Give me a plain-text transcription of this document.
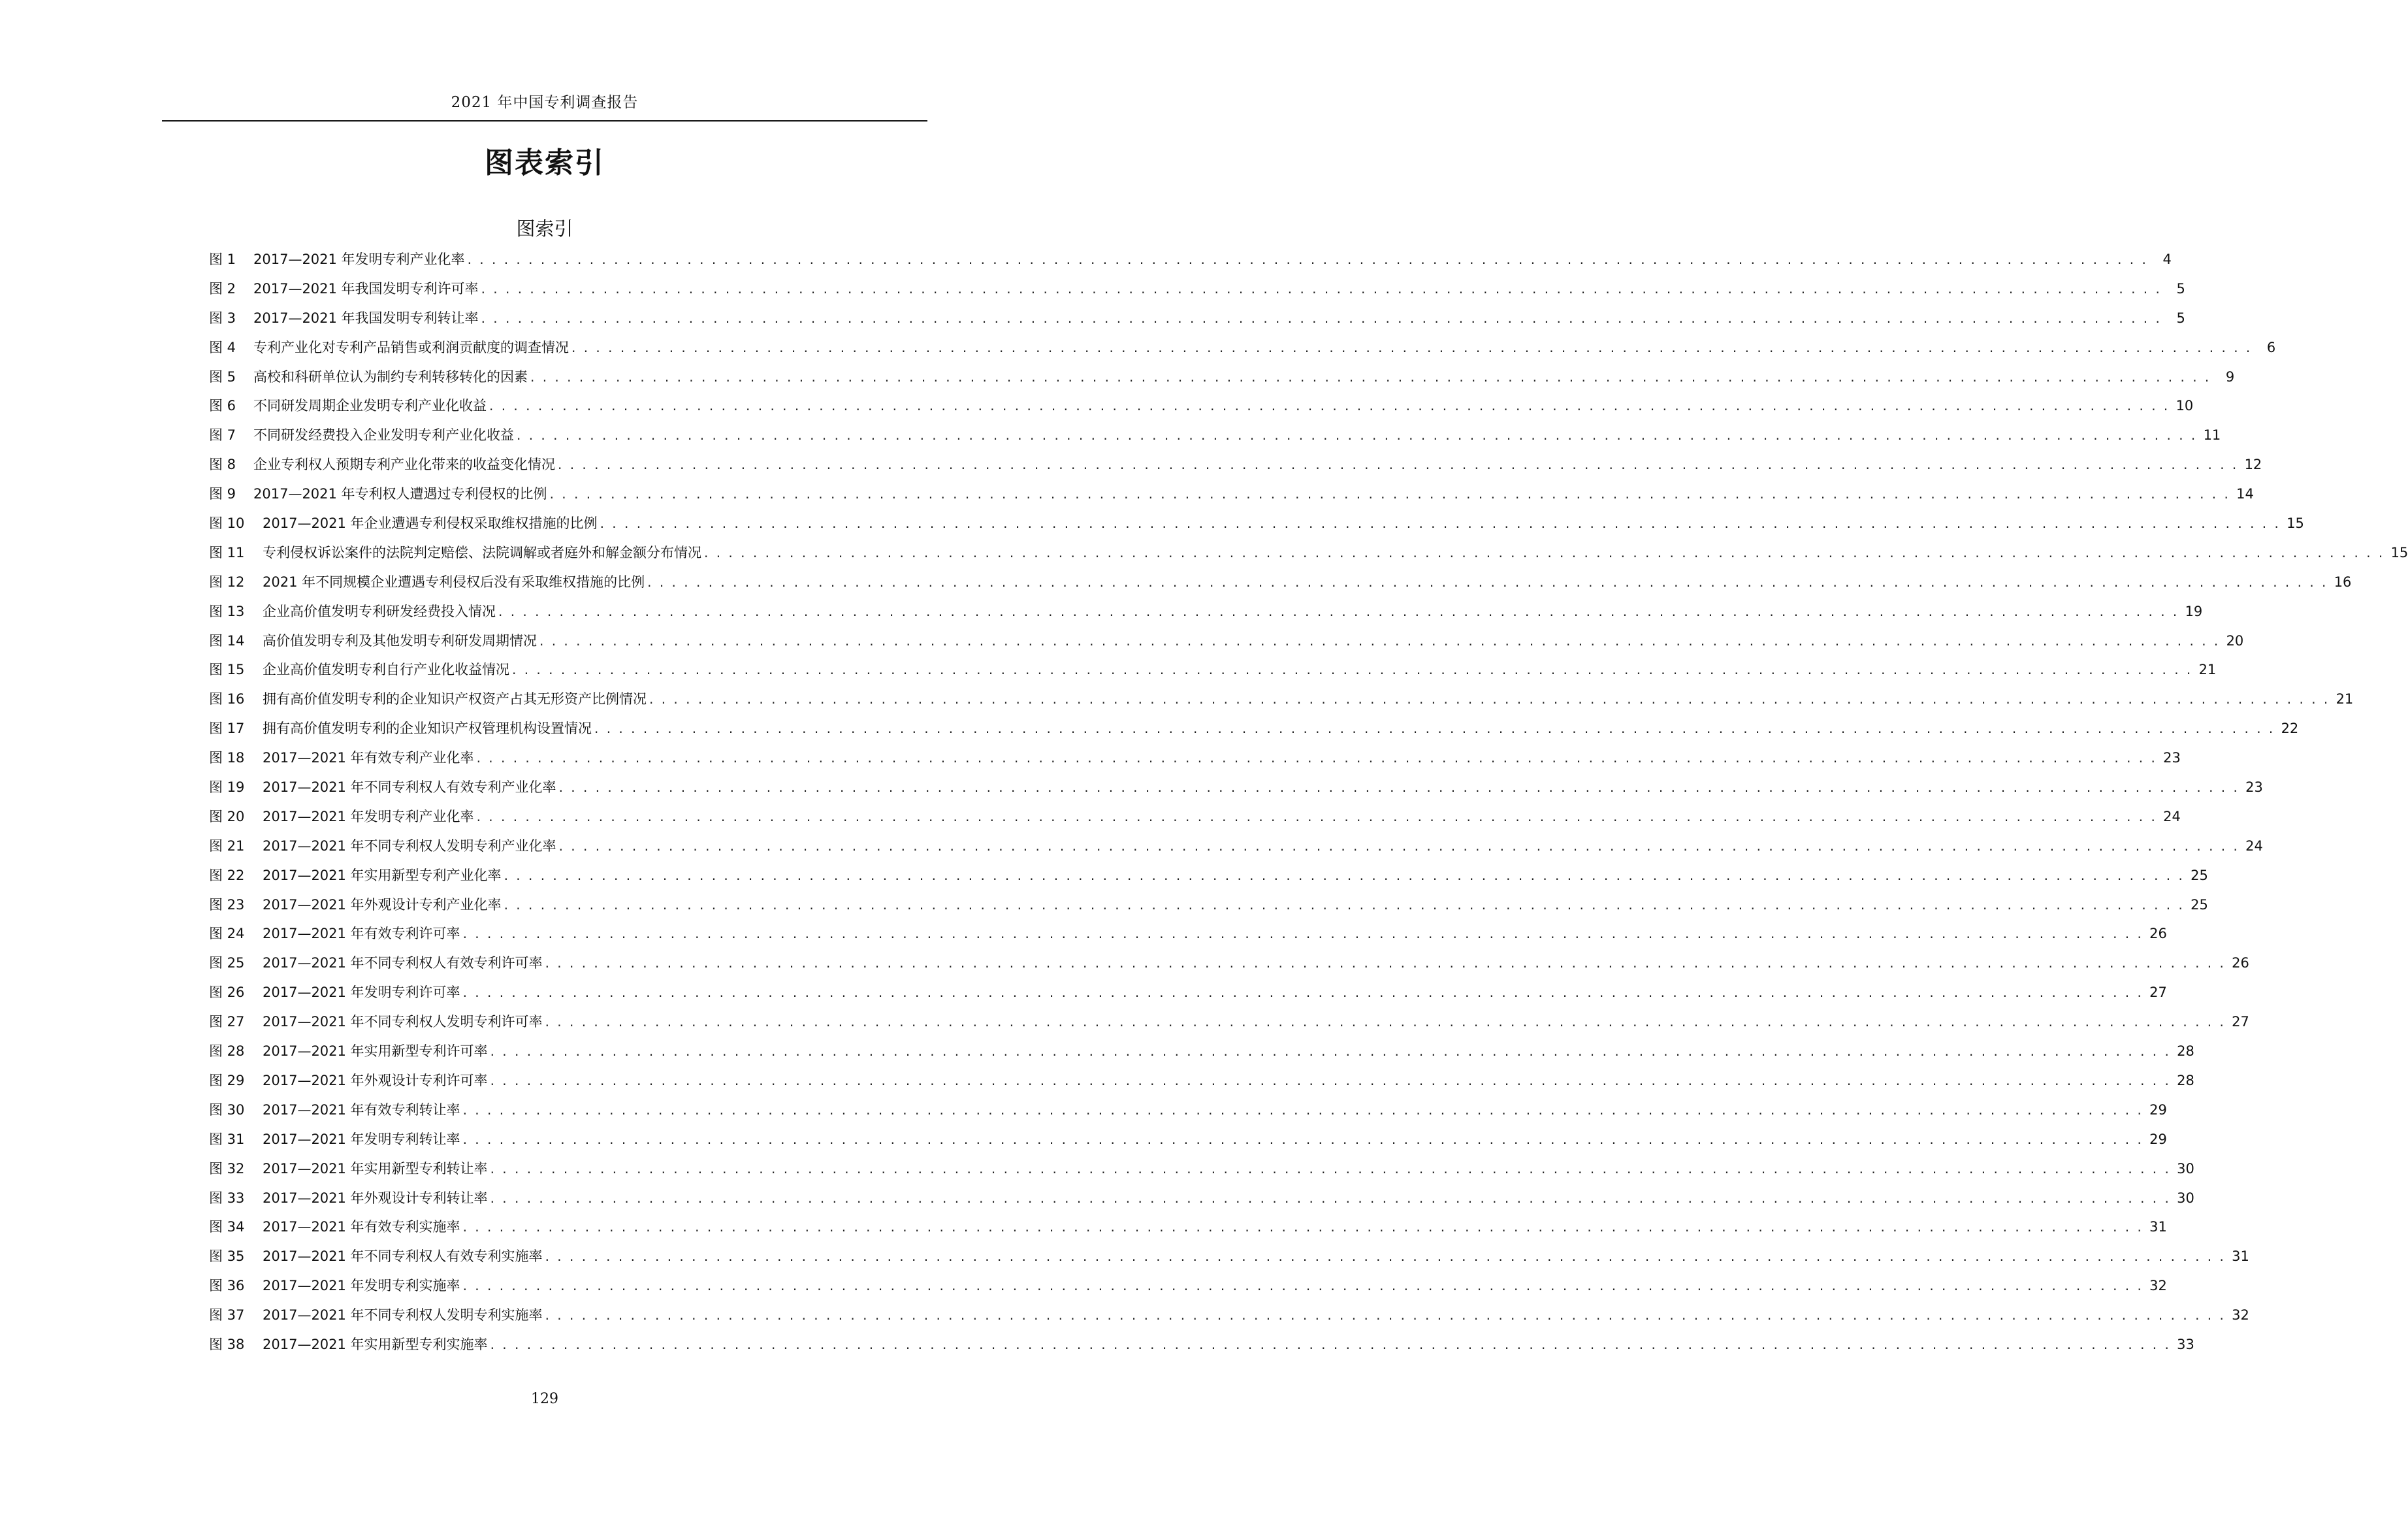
2021 年中国专利调查报告
图表索引
图索引
图 1	2017—2021 年发明专利产业化率 . . .	4
图 2	2017—2021 年我国发明专利许可率 . . .	5
图 3	2017—2021 年我国发明专利转让率 . . .	5
图 4	专利产业化对专利产品销售或利润贡献度的调查情况 . . .	6
图 5	高校和科研单位认为制约专利转移转化的因素 . . .	9
图 6	不同研发周期企业发明专利产业化收益 . . .	10
图 7	不同研发经费投入企业发明专利产业化收益 . . .	11
图 8	企业专利权人预期专利产业化带来的收益变化情况 . . .	12
图 9	2017—2021 年专利权人遭遇过专利侵权的比例 . . .	14
图 10	2017—2021 年企业遭遇专利侵权采取维权措施的比例 . . .	15
图 11	专利侵权诉讼案件的法院判定赔偿、法院调解或者庭外和解金额分布情况 . . .	15
图 12	2021 年不同规模企业遭遇专利侵权后没有采取维权措施的比例 . . .	16
图 13	企业高价值发明专利研发经费投入情况 . . .	19
图 14	高价值发明专利及其他发明专利研发周期情况 . . .	20
图 15	企业高价值发明专利自行产业化收益情况 . . .	21
图 16	拥有高价值发明专利的企业知识产权资产占其无形资产比例情况 . . .	21
图 17	拥有高价值发明专利的企业知识产权管理机构设置情况 . . .	22
图 18	2017—2021 年有效专利产业化率 . . .	23
图 19	2017—2021 年不同专利权人有效专利产业化率 . . .	23
图 20	2017—2021 年发明专利产业化率 . . .	24
图 21	2017—2021 年不同专利权人发明专利产业化率 . . .	24
图 22	2017—2021 年实用新型专利产业化率 . . .	25
图 23	2017—2021 年外观设计专利产业化率 . . .	25
图 24	2017—2021 年有效专利许可率 . . .	26
图 25	2017—2021 年不同专利权人有效专利许可率 . . .	26
图 26	2017—2021 年发明专利许可率 . . .	27
图 27	2017—2021 年不同专利权人发明专利许可率 . . .	27
图 28	2017—2021 年实用新型专利许可率 . . .	28
图 29	2017—2021 年外观设计专利许可率 . . .	28
图 30	2017—2021 年有效专利转让率 . . .	29
图 31	2017—2021 年发明专利转让率 . . .	29
图 32	2017—2021 年实用新型专利转让率 . . .	30
图 33	2017—2021 年外观设计专利转让率 . . .	30
图 34	2017—2021 年有效专利实施率 . . .	31
图 35	2017—2021 年不同专利权人有效专利实施率 . . .	31
图 36	2017—2021 年发明专利实施率 . . .	32
图 37	2017—2021 年不同专利权人发明专利实施率 . . .	32
图 38	2017—2021 年实用新型专利实施率 . . .	33
129
